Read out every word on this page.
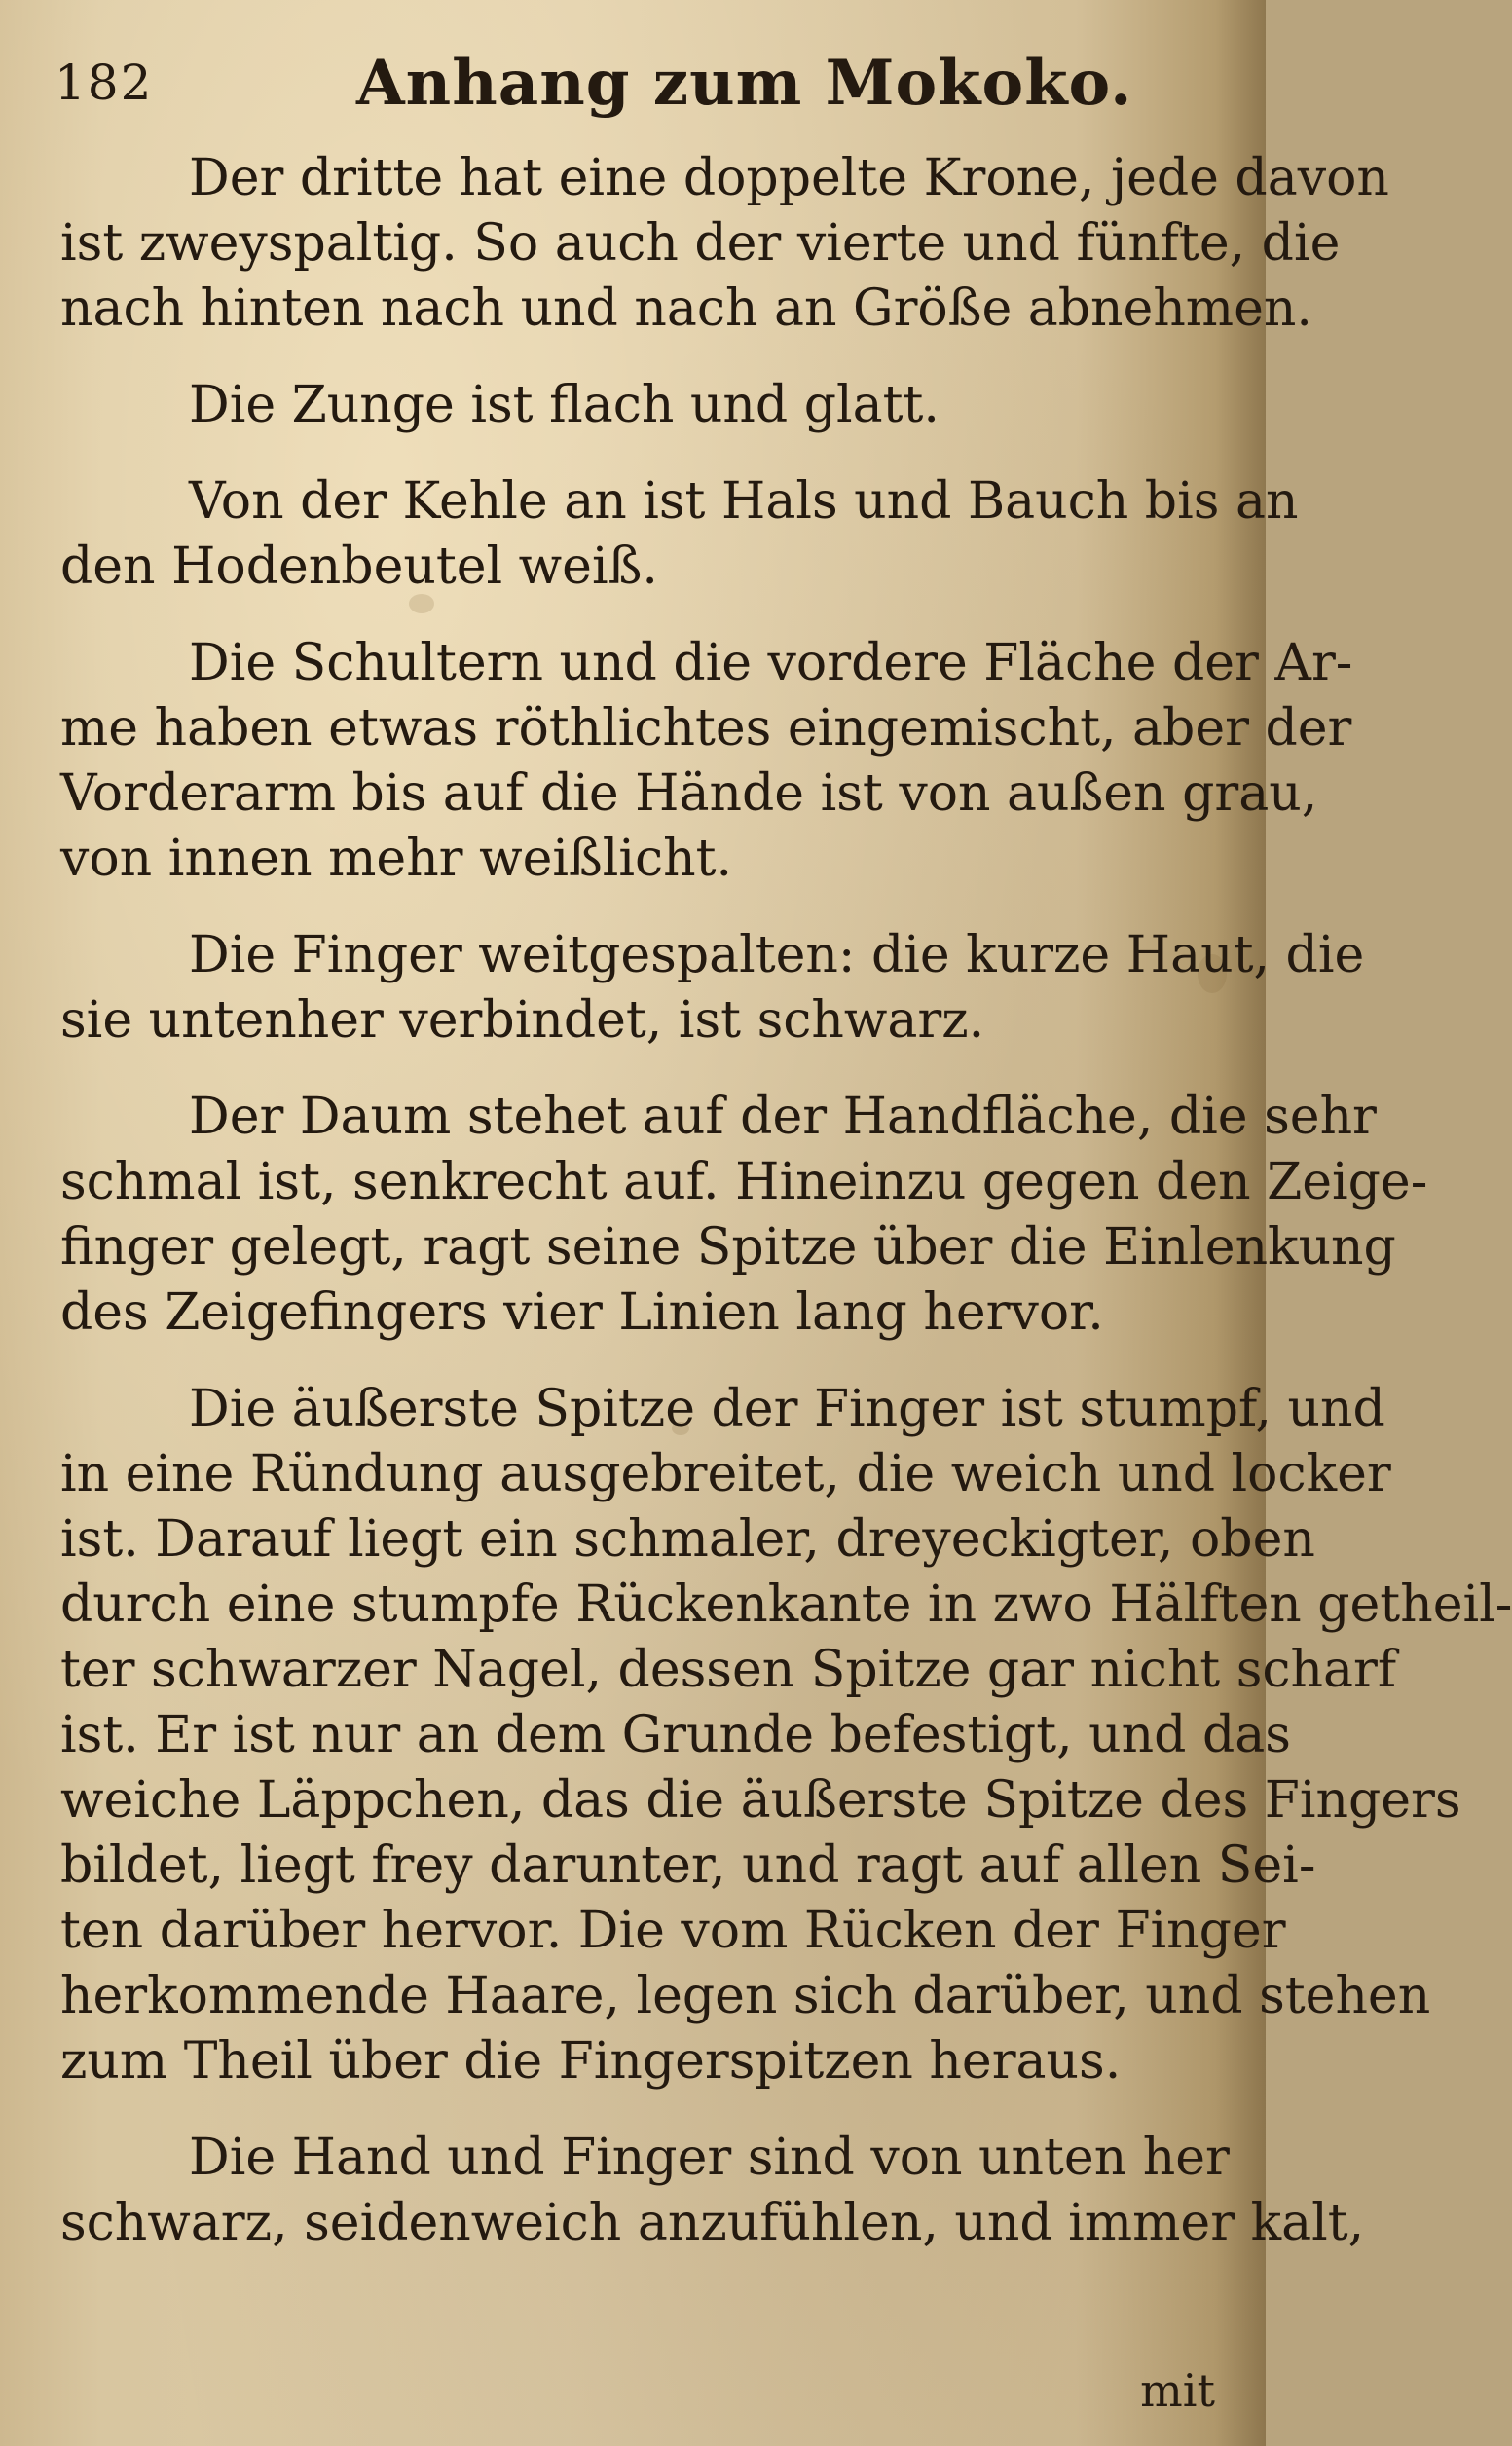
182	Anhang zum Mokoko.

Der dritte hat eine doppelte Krone, jede davon
ist zweyspaltig. So auch der vierte und fünfte, die
nach hinten nach und nach an Größe abnehmen.

Die Zunge ist flach und glatt.

Von der Kehle an ist Hals und Bauch bis an
den Hodenbeutel weiß.

Die Schultern und die vordere Fläche der Ar-
me haben etwas röthlichtes eingemischt, aber der
Vorderarm bis auf die Hände ist von außen grau,
von innen mehr weißlicht.

Die Finger weitgespalten: die kurze Haut, die
sie untenher verbindet, ist schwarz.

Der Daum stehet auf der Handfläche, die sehr
schmal ist, senkrecht auf. Hineinzu gegen den Zeige-
finger gelegt, ragt seine Spitze über die Einlenkung
des Zeigefingers vier Linien lang hervor.

Die äußerste Spitze der Finger ist stumpf, und
in eine Ründung ausgebreitet, die weich und locker
ist. Darauf liegt ein schmaler, dreyeckigter, oben
durch eine stumpfe Rückenkante in zwo Hälften getheil-
ter schwarzer Nagel, dessen Spitze gar nicht scharf
ist. Er ist nur an dem Grunde befestigt, und das
weiche Läppchen, das die äußerste Spitze des Fingers
bildet, liegt frey darunter, und ragt auf allen Sei-
ten darüber hervor. Die vom Rücken der Finger
herkommende Haare, legen sich darüber, und stehen
zum Theil über die Fingerspitzen heraus.

Die Hand und Finger sind von unten her
schwarz, seidenweich anzufühlen, und immer kalt,

mit
